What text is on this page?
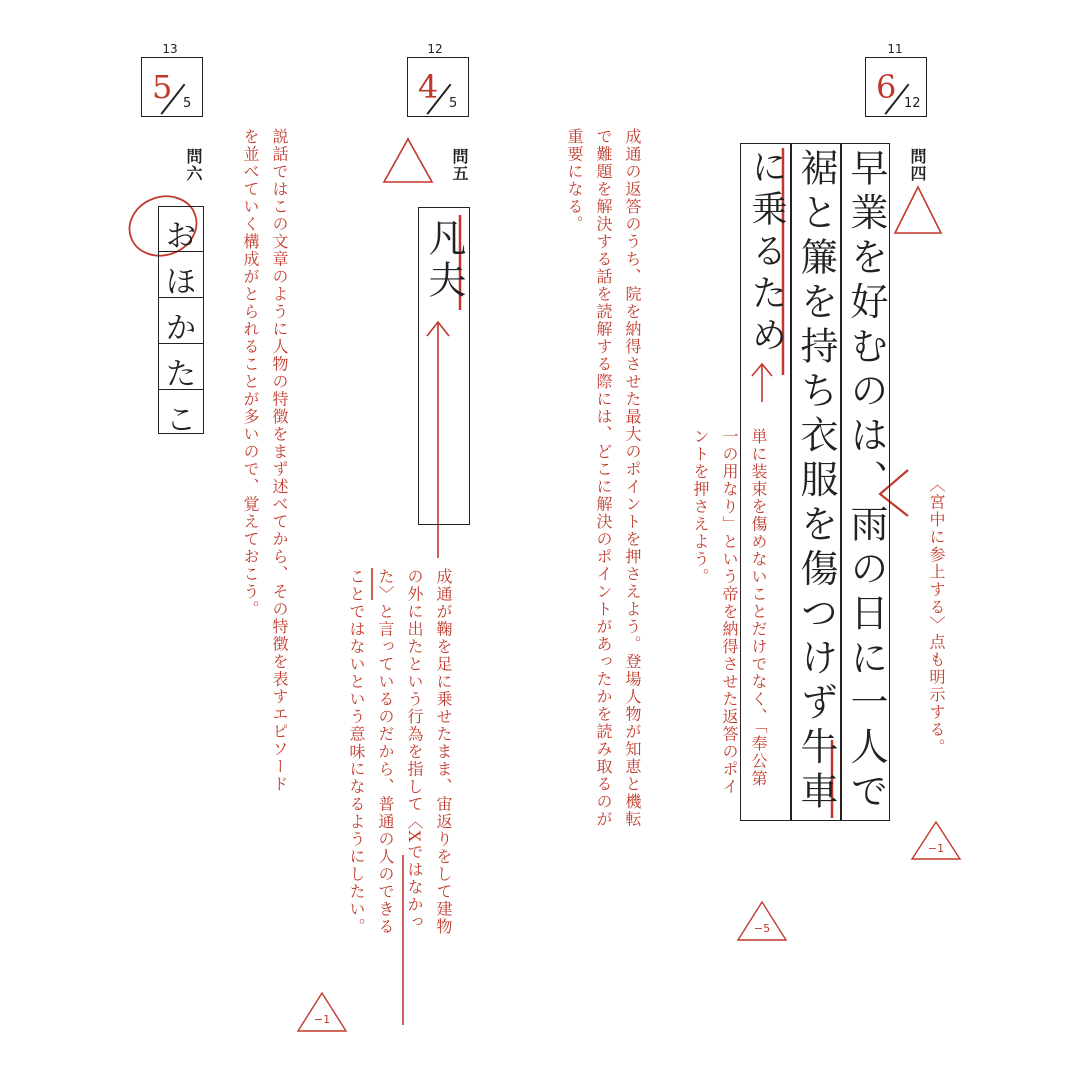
11
6 12
問四
早業を好むのは、雨の日に一人で
裾と簾を持ち衣服を傷つけず牛車
に乗るため
〈宮中に参上する〉点も明示する。
−1
単に装束を傷めないことだけでなく、「奉公第
一の用なり」という帝を納得させた返答のポイ
ントを押さえよう。
−5
成通の返答のうち、院を納得させた最大のポイントを押さえよう。登場人物が知恵と機転
で難題を解決する話を読解する際には、どこに解決のポイントがあったかを読み取るのが
重要になる。
12
4 5
問五
凡夫
成通が鞠を足に乗せたまま、宙返りをして建物
の外に出たという行為を指して〈Xではなかっ
た〉と言っているのだから、普通の人のできる
ことではないという意味になるようにしたい。
−1
13
5 5
問六
お
ほ
か
た
こ	説話ではこの文章のように人物の特徴をまず述べてから、その特徴を表すエピソード
を並べていく構成がとられることが多いので、覚えておこう。
